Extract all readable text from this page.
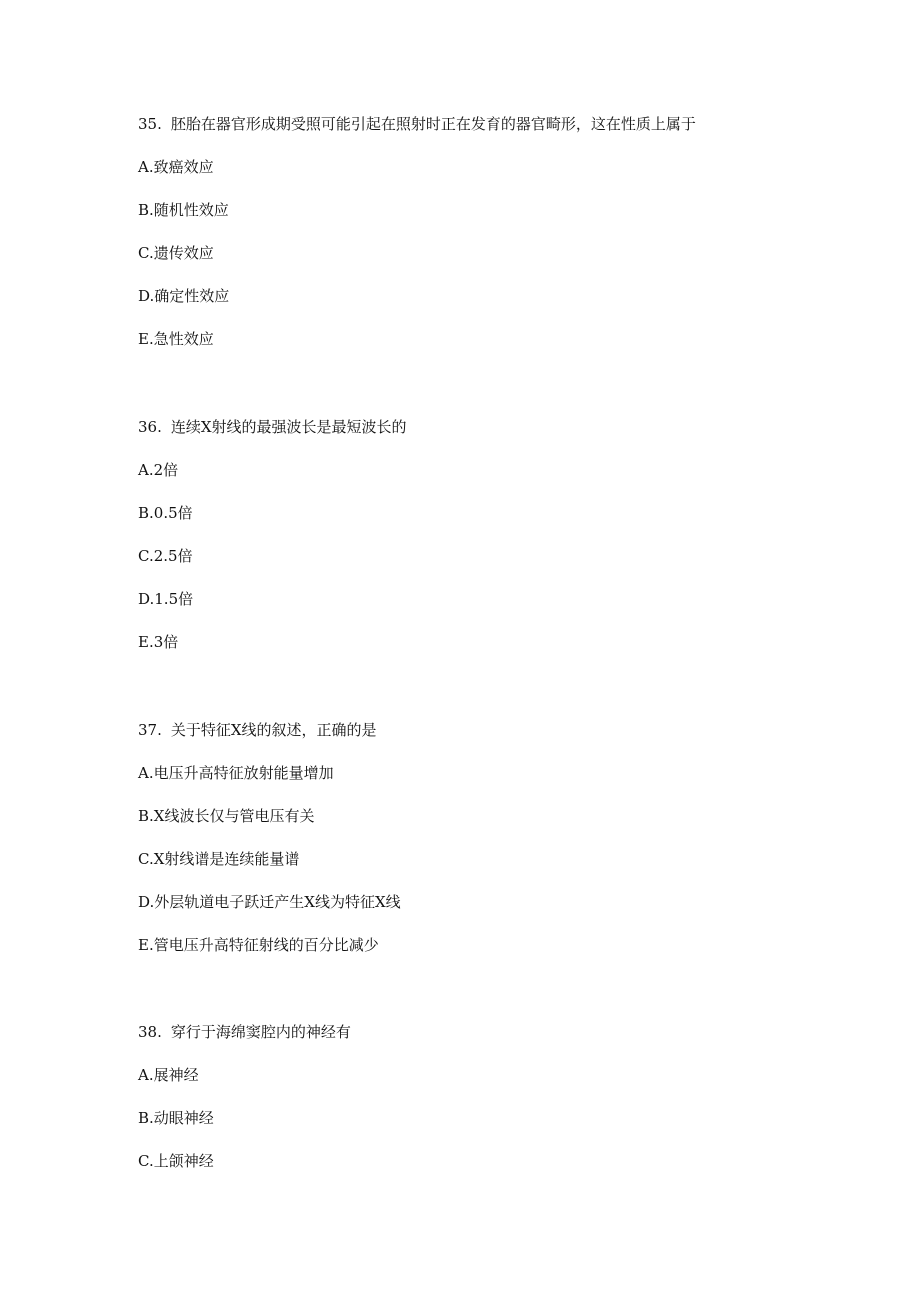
35. 胚胎在器官形成期受照可能引起在照射时正在发育的器官畸形，这在性质上属于
A.致癌效应
B.随机性效应
C.遗传效应
D.确定性效应
E.急性效应
36. 连续X射线的最强波长是最短波长的
A.2倍
B.0.5倍
C.2.5倍
D.1.5倍
E.3倍
37. 关于特征X线的叙述，正确的是
A.电压升高特征放射能量增加
B.X线波长仅与管电压有关
C.X射线谱是连续能量谱
D.外层轨道电子跃迁产生X线为特征X线
E.管电压升高特征射线的百分比减少
38. 穿行于海绵窦腔内的神经有
A.展神经
B.动眼神经
C.上颌神经
